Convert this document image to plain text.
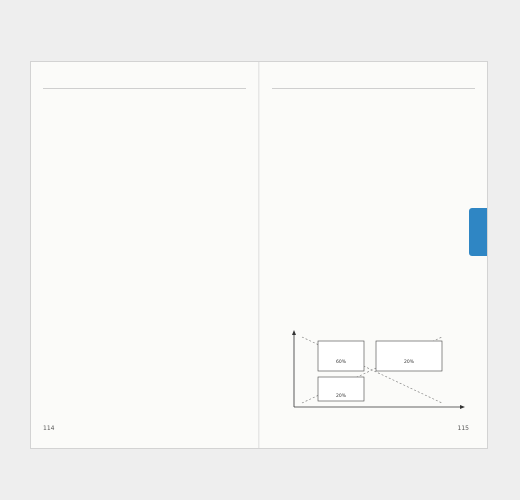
114

60%	20%
20%
115
